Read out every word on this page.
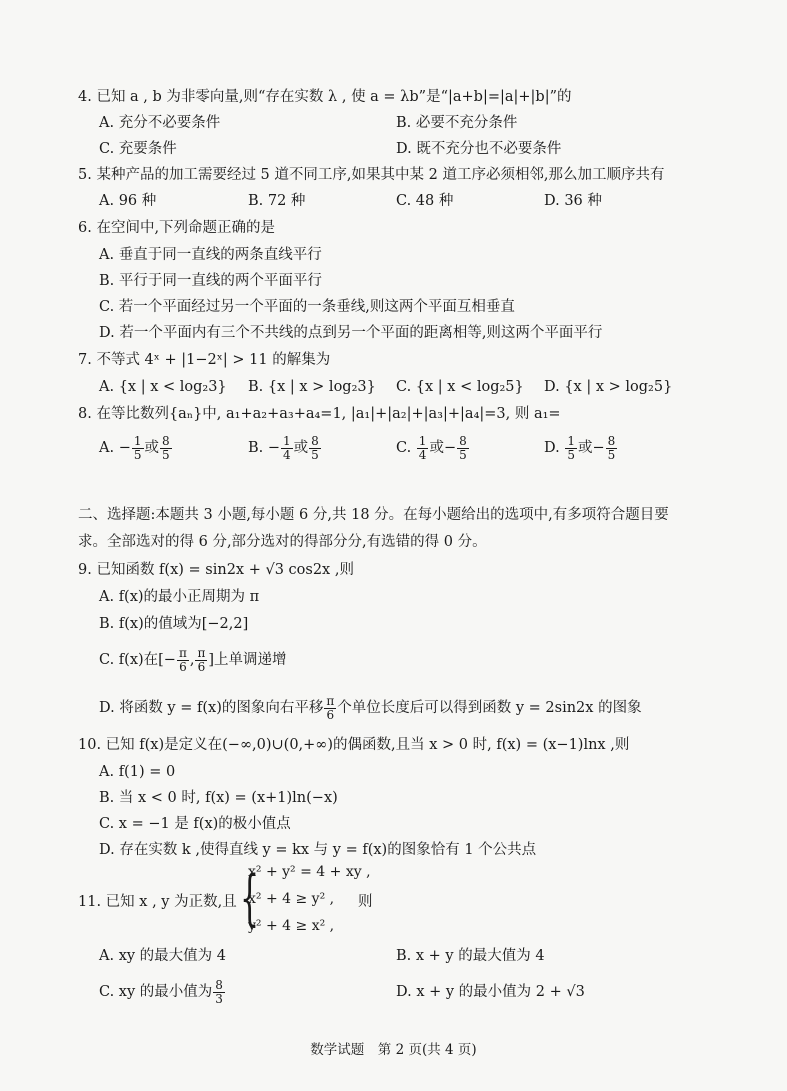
4. 已知 a , b 为非零向量,则“存在实数 λ , 使 a = λb”是“|a+b|=|a|+|b|”的
A. 充分不必要条件	B. 必要不充分条件
C. 充要条件	D. 既不充分也不必要条件
5. 某种产品的加工需要经过 5 道不同工序,如果其中某 2 道工序必须相邻,那么加工顺序共有
A. 96 种	B. 72 种	C. 48 种	D. 36 种
6. 在空间中,下列命题正确的是
A. 垂直于同一直线的两条直线平行
B. 平行于同一直线的两个平面平行
C. 若一个平面经过另一个平面的一条垂线,则这两个平面互相垂直
D. 若一个平面内有三个不共线的点到另一个平面的距离相等,则这两个平面平行
7. 不等式 4ˣ + |1−2ˣ| > 11 的解集为
A. {x | x < log₂3} B. {x | x > log₂3} C. {x | x < log₂5} D. {x | x > log₂5}
8. 在等比数列{aₙ}中, a₁+a₂+a₃+a₄=1, |a₁|+|a₂|+|a₃|+|a₄|=3, 则 a₁=
A. − $\frac{1}{5}$ 或 $\frac{8}{5}$	B. − $\frac{1}{4}$ 或 $\frac{8}{5}$	C. $\frac{1}{4}$ 或− $\frac{8}{5}$	D. $\frac{1}{5}$ 或− $\frac{8}{5}$
二、选择题:本题共 3 小题,每小题 6 分,共 18 分。在每小题给出的选项中,有多项符合题目要
求。全部选对的得 6 分,部分选对的得部分分,有选错的得 0 分。
9. 已知函数 f(x) = sin2x + √3 cos2x ,则
A. f(x)的最小正周期为 π
B. f(x)的值域为[−2,2]
C. f(x)在[− $\frac{\pi}{6}$ , $\frac{\pi}{6}$ ]上单调递增
D. 将函数 y = f(x)的图象向右平移 $\frac{\pi}{6}$ 个单位长度后可以得到函数 y = 2sin2x 的图象
10. 已知 f(x)是定义在(−∞,0)∪(0,+∞)的偶函数,且当 x > 0 时, f(x) = (x−1)lnx ,则
A. f(1) = 0
B. 当 x < 0 时, f(x) = (x+1)ln(−x)
C. x = −1 是 f(x)的极小值点
D. 存在实数 k ,使得直线 y = kx 与 y = f(x)的图象恰有 1 个公共点
11. 已知 x , y 为正数,且 {
x² + y² = 4 + xy ,
x² + 4 ≥ y² ,
y² + 4 ≥ x² ,
则
A. xy 的最大值为 4	B. x + y 的最大值为 4
C. xy 的最小值为 $\frac{8}{3}$	D. x + y 的最小值为 2 + √3
数学试题　第 2 页(共 4 页)
